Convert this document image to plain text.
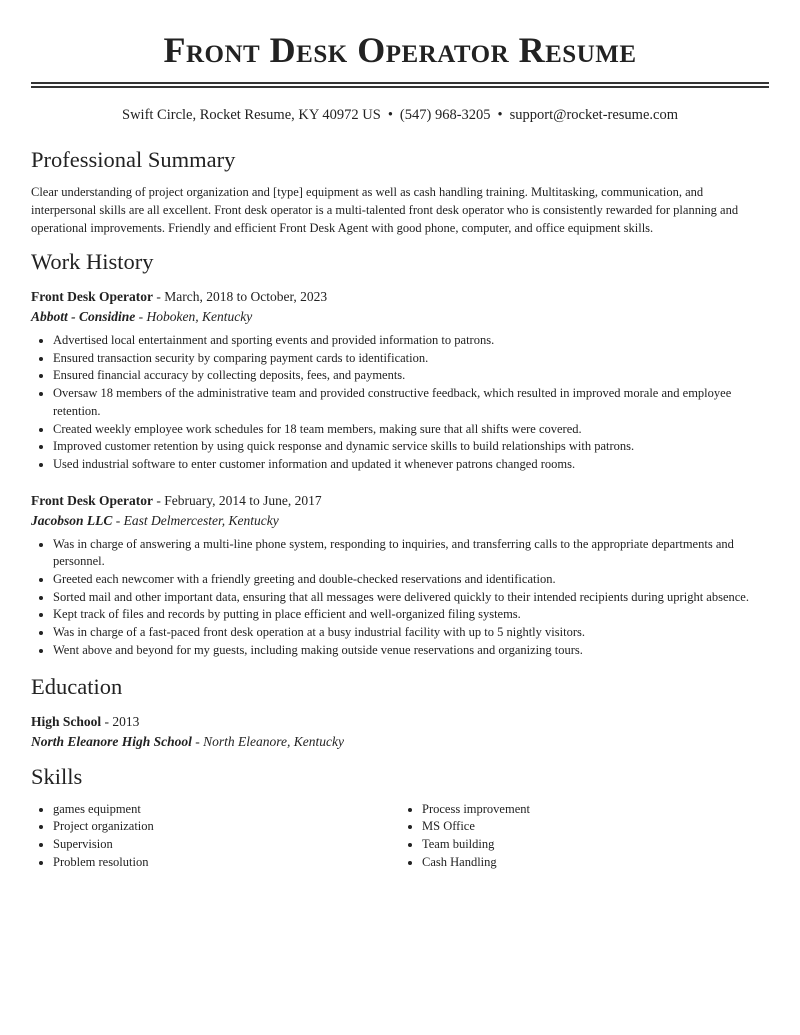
Front Desk Operator Resume
Swift Circle, Rocket Resume, KY 40972 US • (547) 968-3205 • support@rocket-resume.com
Professional Summary
Clear understanding of project organization and [type] equipment as well as cash handling training. Multitasking, communication, and interpersonal skills are all excellent. Front desk operator is a multi-talented front desk operator who is consistently rewarded for planning and operational improvements. Friendly and efficient Front Desk Agent with good phone, computer, and office equipment skills.
Work History
Front Desk Operator - March, 2018 to October, 2023
Abbott - Considine - Hoboken, Kentucky
• Advertised local entertainment and sporting events and provided information to patrons.
• Ensured transaction security by comparing payment cards to identification.
• Ensured financial accuracy by collecting deposits, fees, and payments.
• Oversaw 18 members of the administrative team and provided constructive feedback, which resulted in improved morale and employee retention.
• Created weekly employee work schedules for 18 team members, making sure that all shifts were covered.
• Improved customer retention by using quick response and dynamic service skills to build relationships with patrons.
• Used industrial software to enter customer information and updated it whenever patrons changed rooms.
Front Desk Operator - February, 2014 to June, 2017
Jacobson LLC - East Delmercester, Kentucky
• Was in charge of answering a multi-line phone system, responding to inquiries, and transferring calls to the appropriate departments and personnel.
• Greeted each newcomer with a friendly greeting and double-checked reservations and identification.
• Sorted mail and other important data, ensuring that all messages were delivered quickly to their intended recipients during upright absence.
• Kept track of files and records by putting in place efficient and well-organized filing systems.
• Was in charge of a fast-paced front desk operation at a busy industrial facility with up to 5 nightly visitors.
• Went above and beyond for my guests, including making outside venue reservations and organizing tours.
Education
High School - 2013
North Eleanore High School - North Eleanore, Kentucky
Skills
• games equipment
• Project organization
• Supervision
• Problem resolution
• Process improvement
• MS Office
• Team building
• Cash Handling
